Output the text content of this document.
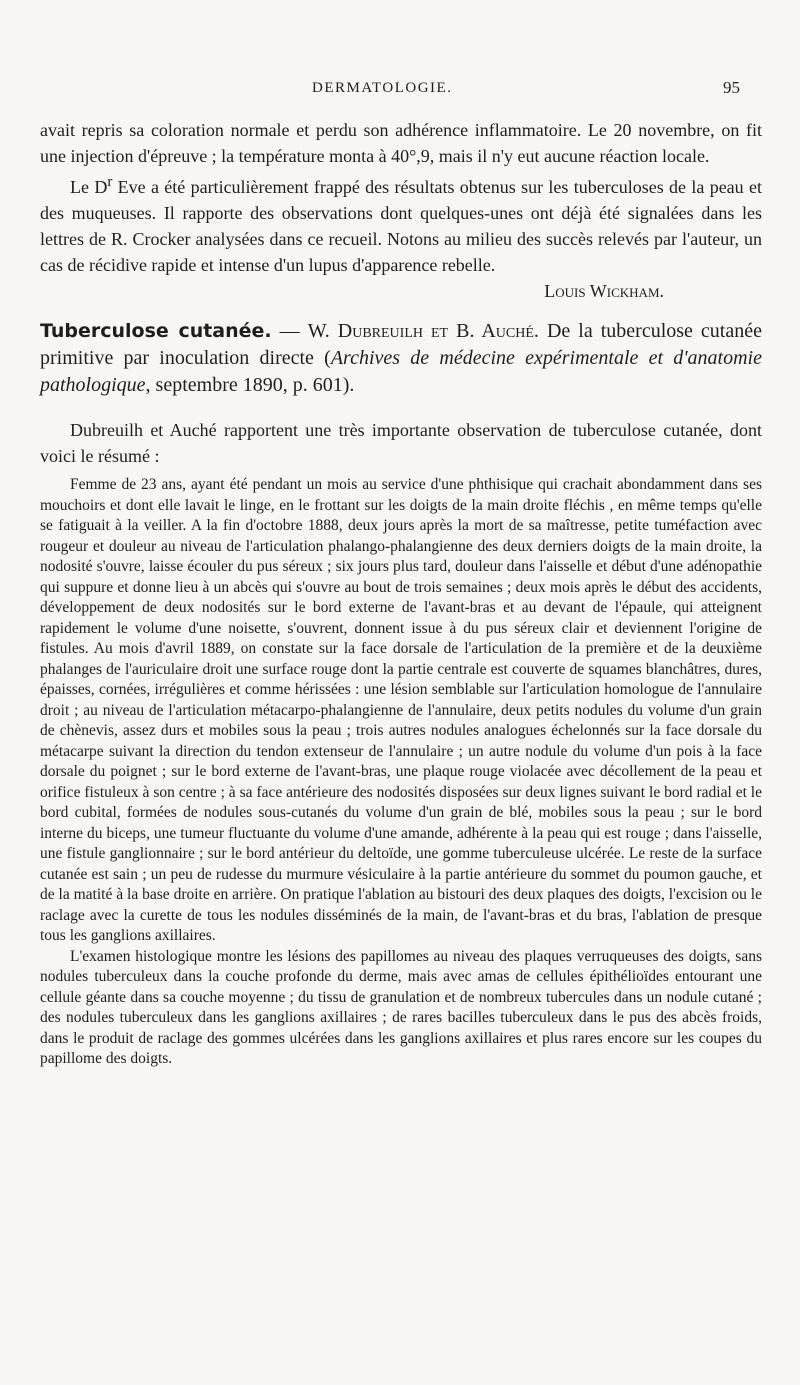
DERMATOLOGIE.	95

avait repris sa coloration normale et perdu son adhérence inflammatoire. Le 20 novembre, on fit une injection d'épreuve ; la température monta à 40°,9, mais il n'y eut aucune réaction locale.

Le $D^r$ Eve a été particulièrement frappé des résultats obtenus sur les tuberculoses de la peau et des muqueuses. Il rapporte des observations dont quelques-unes ont déjà été signalées dans les lettres de R. Crocker analysées dans ce recueil. Notons au milieu des succès relevés par l'auteur, un cas de récidive rapide et intense d'un lupus d'apparence rebelle.

Louis Wickham.

Tuberculose cutanée. — W. Dubreuilh et B. Auché. De la tuberculose cutanée primitive par inoculation directe (Archives de médecine expérimentale et d'anatomie pathologique, septembre 1890, p. 601).

Dubreuilh et Auché rapportent une très importante observation de tuberculose cutanée, dont voici le résumé :

Femme de 23 ans, ayant été pendant un mois au service d'une phthisique qui crachait abondamment dans ses mouchoirs et dont elle lavait le linge, en le frottant sur les doigts de la main droite fléchis , en même temps qu'elle se fatiguait à la veiller. A la fin d'octobre 1888, deux jours après la mort de sa maîtresse, petite tuméfaction avec rougeur et douleur au niveau de l'articulation phalango-phalangienne des deux derniers doigts de la main droite, la nodosité s'ouvre, laisse écouler du pus séreux ; six jours plus tard, douleur dans l'aisselle et début d'une adénopathie qui suppure et donne lieu à un abcès qui s'ouvre au bout de trois semaines ; deux mois après le début des accidents, développement de deux nodosités sur le bord externe de l'avant-bras et au devant de l'épaule, qui atteignent rapidement le volume d'une noisette, s'ouvrent, donnent issue à du pus séreux clair et deviennent l'origine de fistules. Au mois d'avril 1889, on constate sur la face dorsale de l'articulation de la première et de la deuxième phalanges de l'auriculaire droit une surface rouge dont la partie centrale est couverte de squames blanchâtres, dures, épaisses, cornées, irrégulières et comme hérissées : une lésion semblable sur l'articulation homologue de l'annulaire droit ; au niveau de l'articulation métacarpo-phalangienne de l'annulaire, deux petits nodules du volume d'un grain de chènevis, assez durs et mobiles sous la peau ; trois autres nodules analogues échelonnés sur la face dorsale du métacarpe suivant la direction du tendon extenseur de l'annulaire ; un autre nodule du volume d'un pois à la face dorsale du poignet ; sur le bord externe de l'avant-bras, une plaque rouge violacée avec décollement de la peau et orifice fistuleux à son centre ; à sa face antérieure des nodosités disposées sur deux lignes suivant le bord radial et le bord cubital, formées de nodules sous-cutanés du volume d'un grain de blé, mobiles sous la peau ; sur le bord interne du biceps, une tumeur fluctuante du volume d'une amande, adhérente à la peau qui est rouge ; dans l'aisselle, une fistule ganglionnaire ; sur le bord antérieur du deltoïde, une gomme tuberculeuse ulcérée. Le reste de la surface cutanée est sain ; un peu de rudesse du murmure vésiculaire à la partie antérieure du sommet du poumon gauche, et de la matité à la base droite en arrière. On pratique l'ablation au bistouri des deux plaques des doigts, l'excision ou le raclage avec la curette de tous les nodules disséminés de la main, de l'avant-bras et du bras, l'ablation de presque tous les ganglions axillaires.

L'examen histologique montre les lésions des papillomes au niveau des plaques verruqueuses des doigts, sans nodules tuberculeux dans la couche profonde du derme, mais avec amas de cellules épithélioïdes entourant une cellule géante dans sa couche moyenne ; du tissu de granulation et de nombreux tubercules dans un nodule cutané ; des nodules tuberculeux dans les ganglions axillaires ; de rares bacilles tuberculeux dans le pus des abcès froids, dans le produit de raclage des gommes ulcérées dans les ganglions axillaires et plus rares encore sur les coupes du papillome des doigts.
